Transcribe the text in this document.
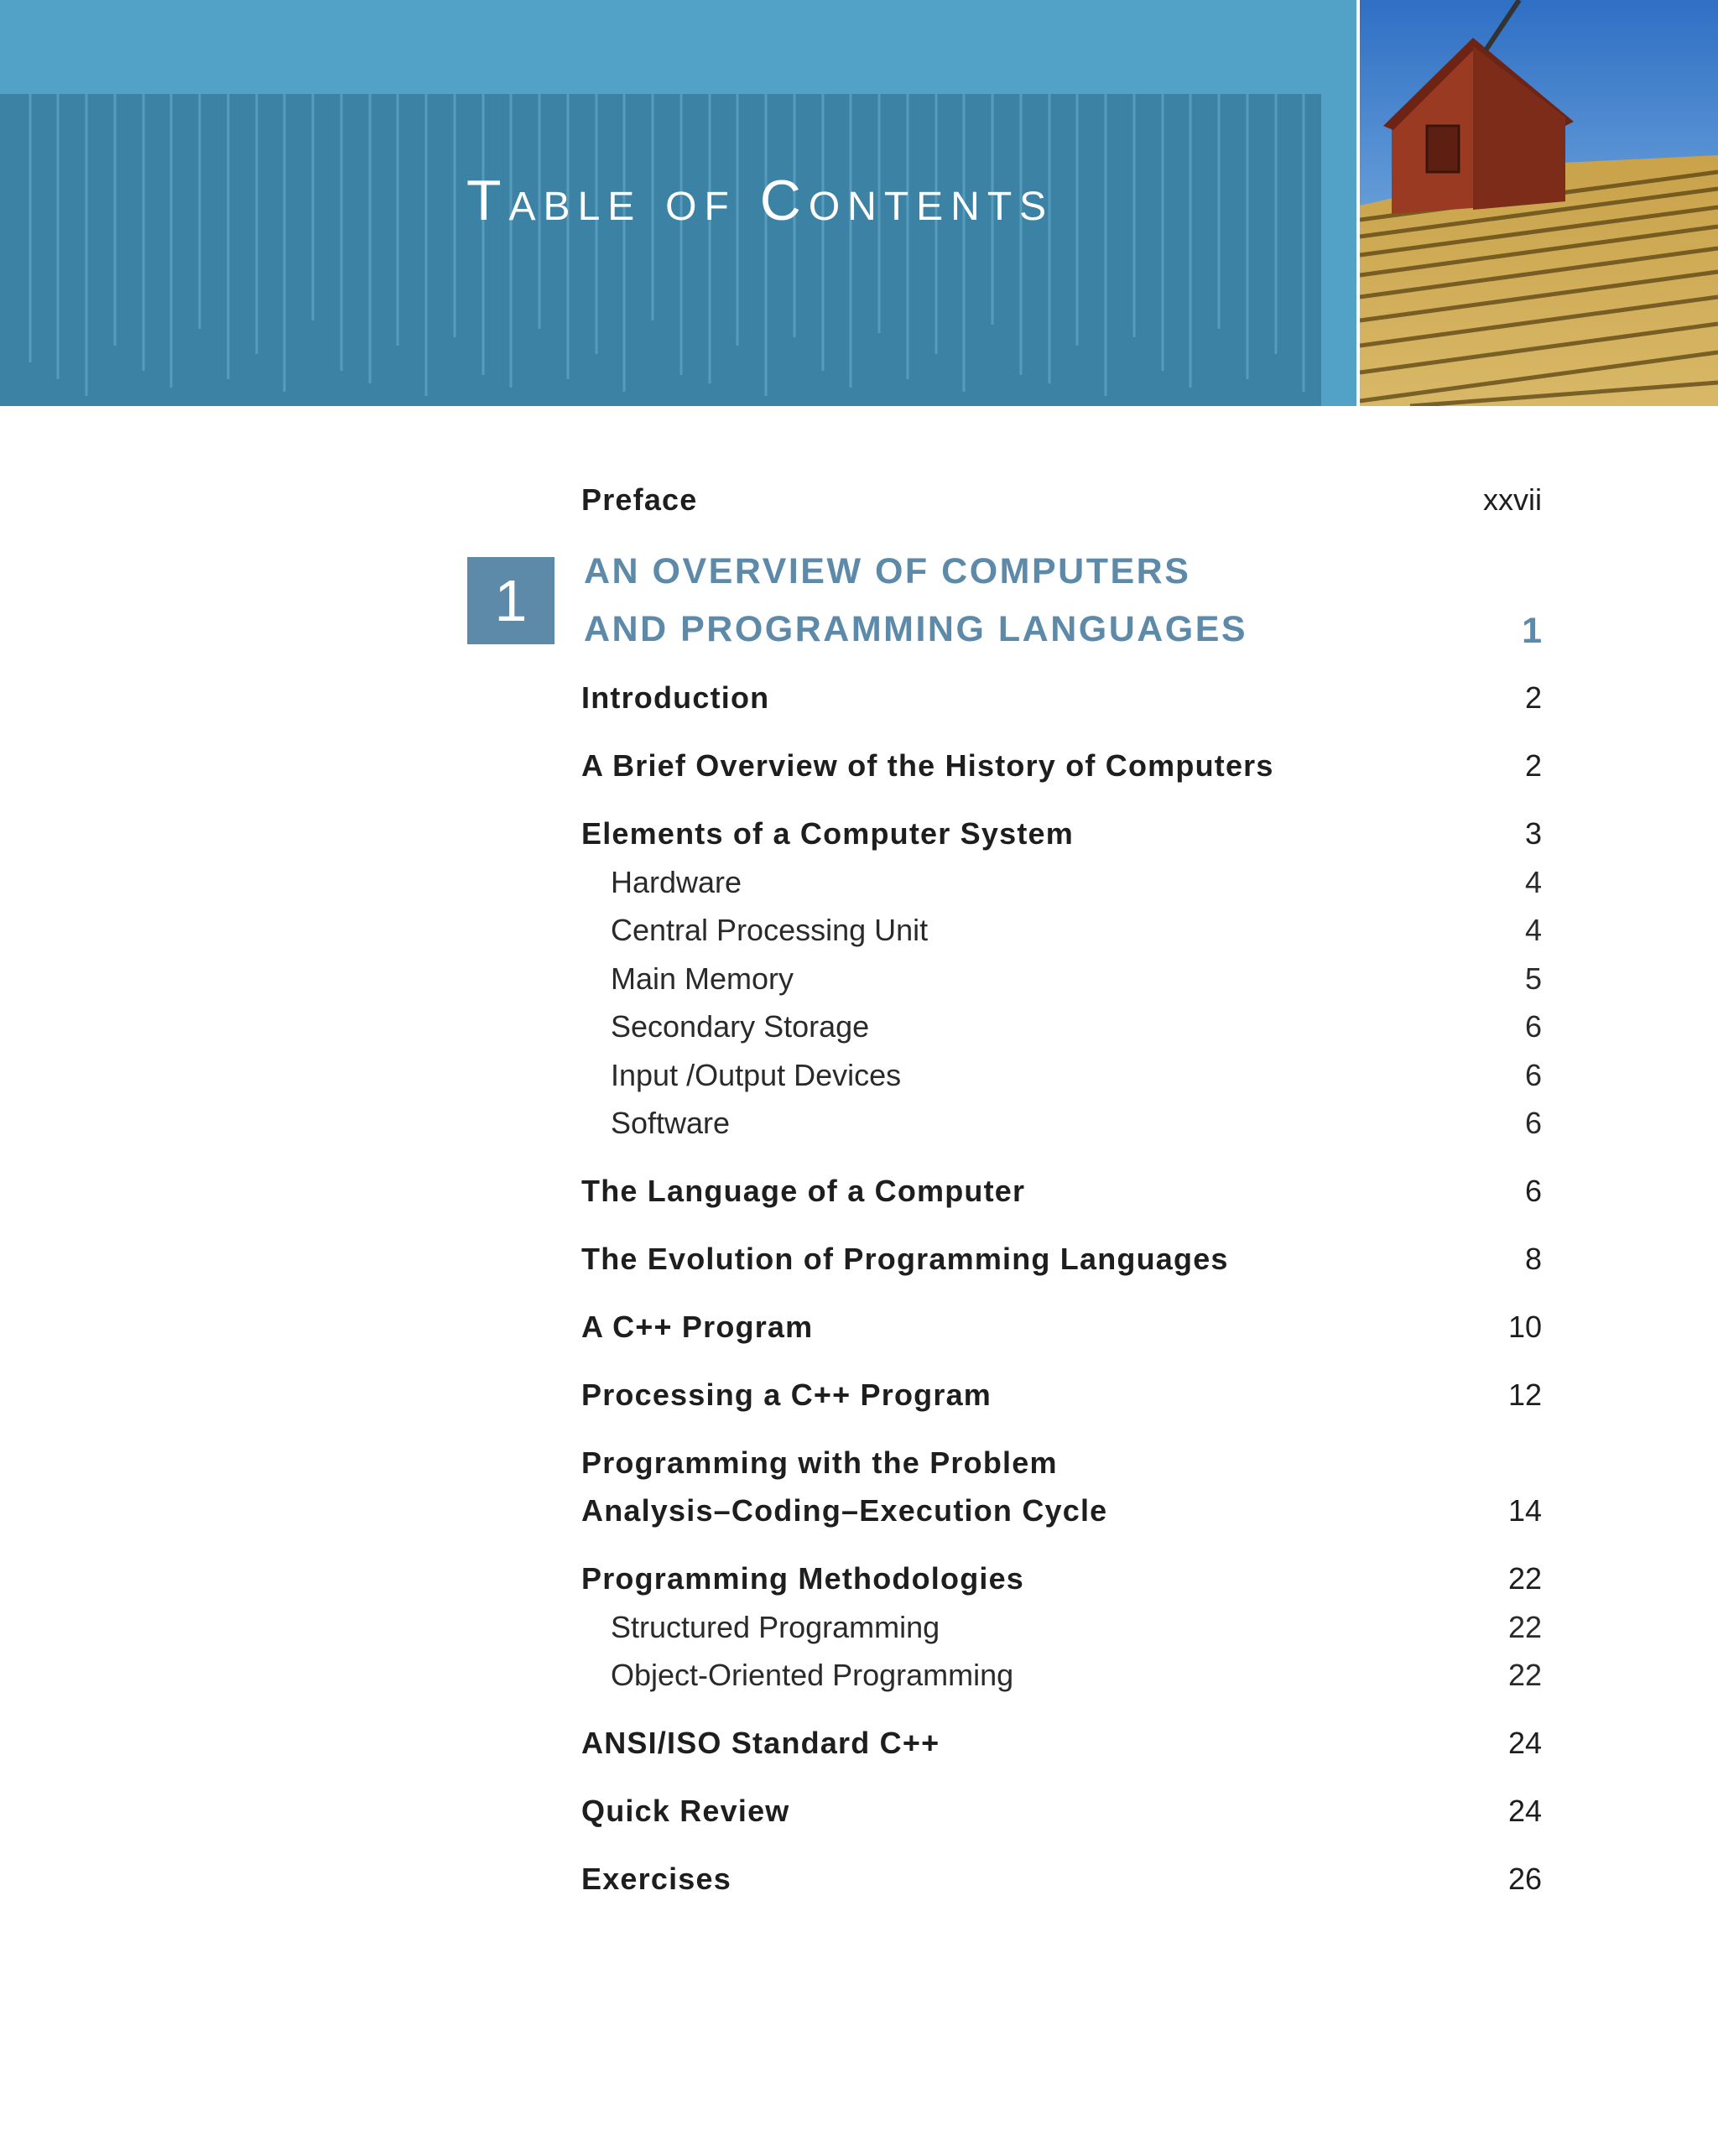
Table of Contents
Preface	xxvii
1	AN OVERVIEW OF COMPUTERS
AND PROGRAMMING LANGUAGES	1
Introduction	2
A Brief Overview of the History of Computers	2
Elements of a Computer System	3
Hardware	4
Central Processing Unit	4
Main Memory	5
Secondary Storage	6
Input /Output Devices	6
Software	6
The Language of a Computer	6
The Evolution of Programming Languages	8
A C++ Program	10
Processing a C++ Program	12
Programming with the Problem
Analysis–Coding–Execution Cycle	14
Programming Methodologies	22
Structured Programming	22
Object-Oriented Programming	22
ANSI/ISO Standard C++	24
Quick Review	24
Exercises	26
